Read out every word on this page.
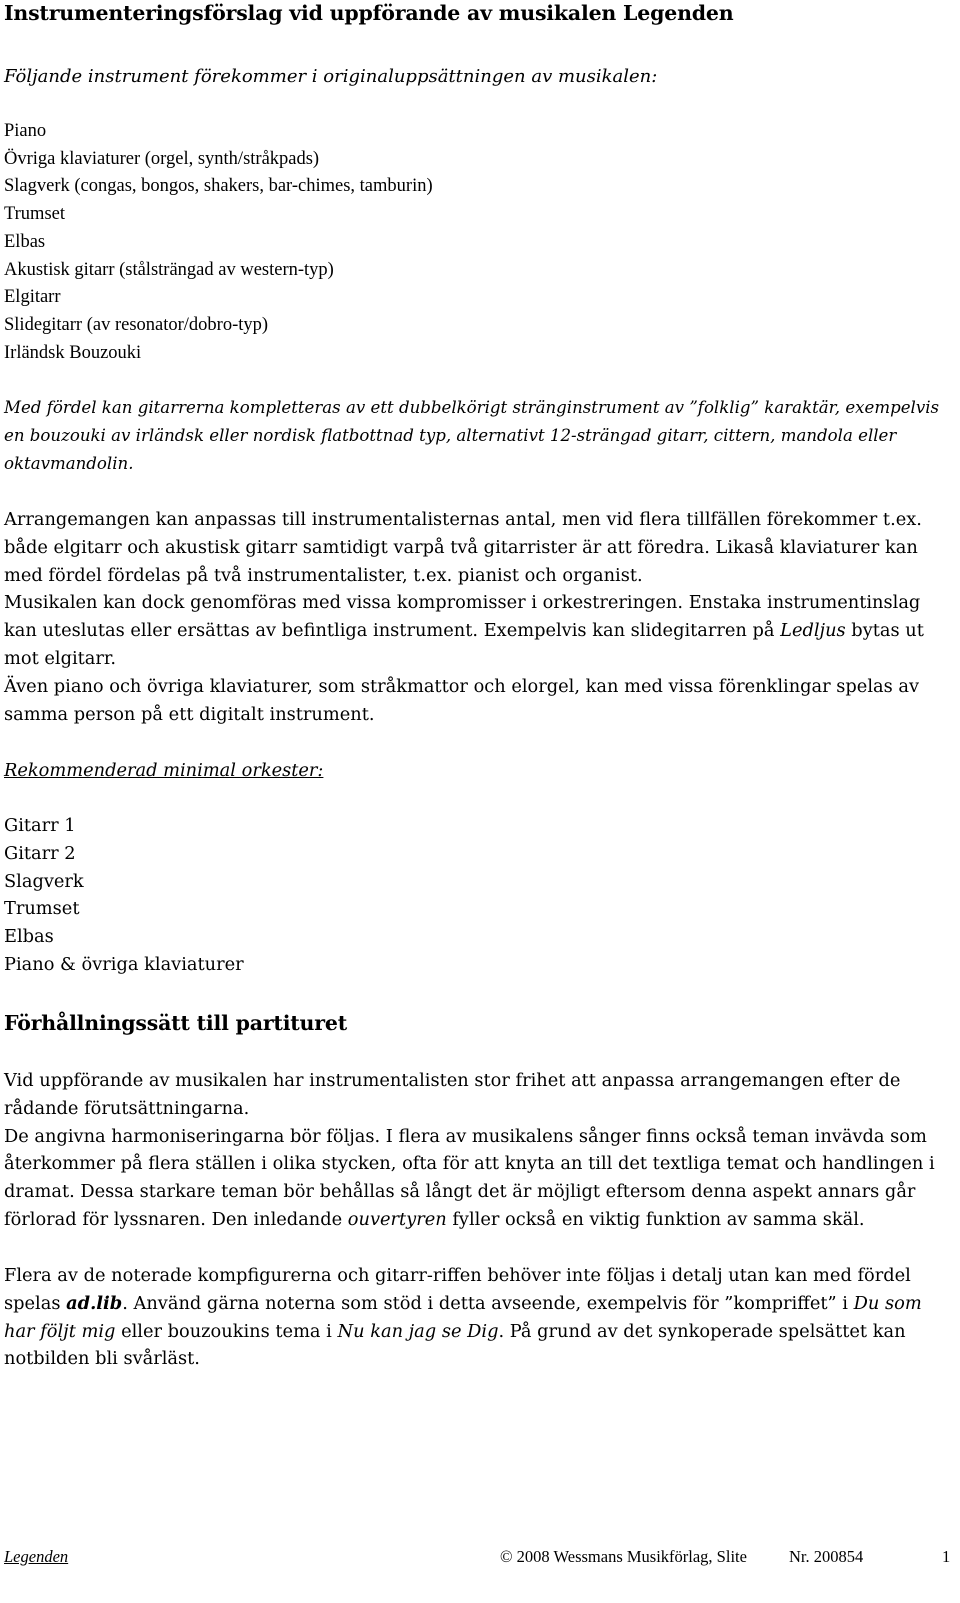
Instrumenteringsförslag vid uppförande av musikalen Legenden
Följande instrument förekommer i originaluppsättningen av musikalen:
Piano
Övriga klaviaturer (orgel, synth/stråkpads)
Slagverk (congas, bongos, shakers, bar-chimes, tamburin)
Trumset
Elbas
Akustisk gitarr (stålsträngad av western-typ)
Elgitarr
Slidegitarr (av resonator/dobro-typ)
Irländsk Bouzouki
Med fördel kan gitarrerna kompletteras av ett dubbelkörigt stränginstrument av ”folklig” karaktär, exempelvis
en bouzouki av irländsk eller nordisk flatbottnad typ, alternativt 12-strängad gitarr, cittern, mandola eller
oktavmandolin.
Arrangemangen kan anpassas till instrumentalisternas antal, men vid flera tillfällen förekommer t.ex.
både elgitarr och akustisk gitarr samtidigt varpå två gitarrister är att föredra. Likaså klaviaturer kan
med fördel fördelas på två instrumentalister, t.ex. pianist och organist.
Musikalen kan dock genomföras med vissa kompromisser i orkestreringen. Enstaka instrumentinslag
kan uteslutas eller ersättas av befintliga instrument. Exempelvis kan slidegitarren på Ledljus bytas ut
mot elgitarr.
Även piano och övriga klaviaturer, som stråkmattor och elorgel, kan med vissa förenklingar spelas av
samma person på ett digitalt instrument.
Rekommenderad minimal orkester:
Gitarr 1
Gitarr 2
Slagverk
Trumset
Elbas
Piano & övriga klaviaturer
Förhållningssätt till partituret
Vid uppförande av musikalen har instrumentalisten stor frihet att anpassa arrangemangen efter de
rådande förutsättningarna.
De angivna harmoniseringarna bör följas. I flera av musikalens sånger finns också teman invävda som
återkommer på flera ställen i olika stycken, ofta för att knyta an till det textliga temat och handlingen i
dramat. Dessa starkare teman bör behållas så långt det är möjligt eftersom denna aspekt annars går
förlorad för lyssnaren. Den inledande ouvertyren fyller också en viktig funktion av samma skäl.
Flera av de noterade kompfigurerna och gitarr-riffen behöver inte följas i detalj utan kan med fördel
spelas ad.lib. Använd gärna noterna som stöd i detta avseende, exempelvis för ”kompriffet” i Du som
har följt mig eller bouzoukins tema i Nu kan jag se Dig. På grund av det synkoperade spelsättet kan
notbilden bli svårläst.
Legenden	© 2008 Wessmans Musikförlag, Slite	Nr. 200854	1
